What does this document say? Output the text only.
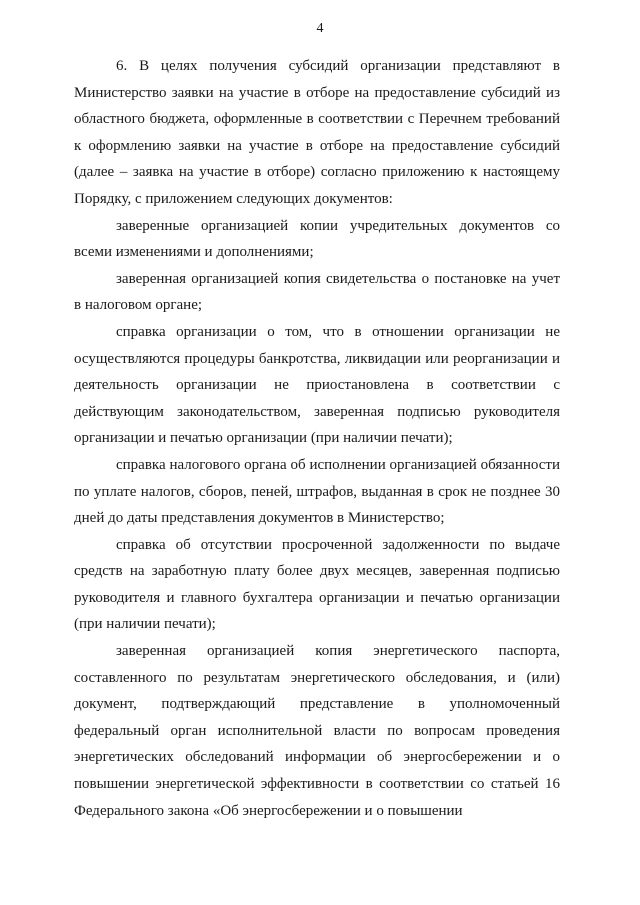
4

6. В целях получения субсидий организации представляют в Министерство заявки на участие в отборе на предоставление субсидий из областного бюджета, оформленные в соответствии с Перечнем требований к оформлению заявки на участие в отборе на предоставление субсидий (далее – заявка на участие в отборе) согласно приложению к настоящему Порядку, с приложением следующих документов:

заверенные организацией копии учредительных документов со всеми изменениями и дополнениями;

заверенная организацией копия свидетельства о постановке на учет в налоговом органе;

справка организации о том, что в отношении организации не осуществляются процедуры банкротства, ликвидации или реорганизации и деятельность организации не приостановлена в соответствии с действующим законодательством, заверенная подписью руководителя организации и печатью организации (при наличии печати);

справка налогового органа об исполнении организацией обязанности по уплате налогов, сборов, пеней, штрафов, выданная в срок не позднее 30 дней до даты представления документов в Министерство;

справка об отсутствии просроченной задолженности по выдаче средств на заработную плату более двух месяцев, заверенная подписью руководителя и главного бухгалтера организации и печатью организации (при наличии печати);

заверенная организацией копия энергетического паспорта, составленного по результатам энергетического обследования, и (или) документ, подтверждающий представление в уполномоченный федеральный орган исполнительной власти по вопросам проведения энергетических обследований информации об энергосбережении и о повышении энергетической эффективности в соответствии со статьей 16 Федерального закона «Об энергосбережении и о повышении
